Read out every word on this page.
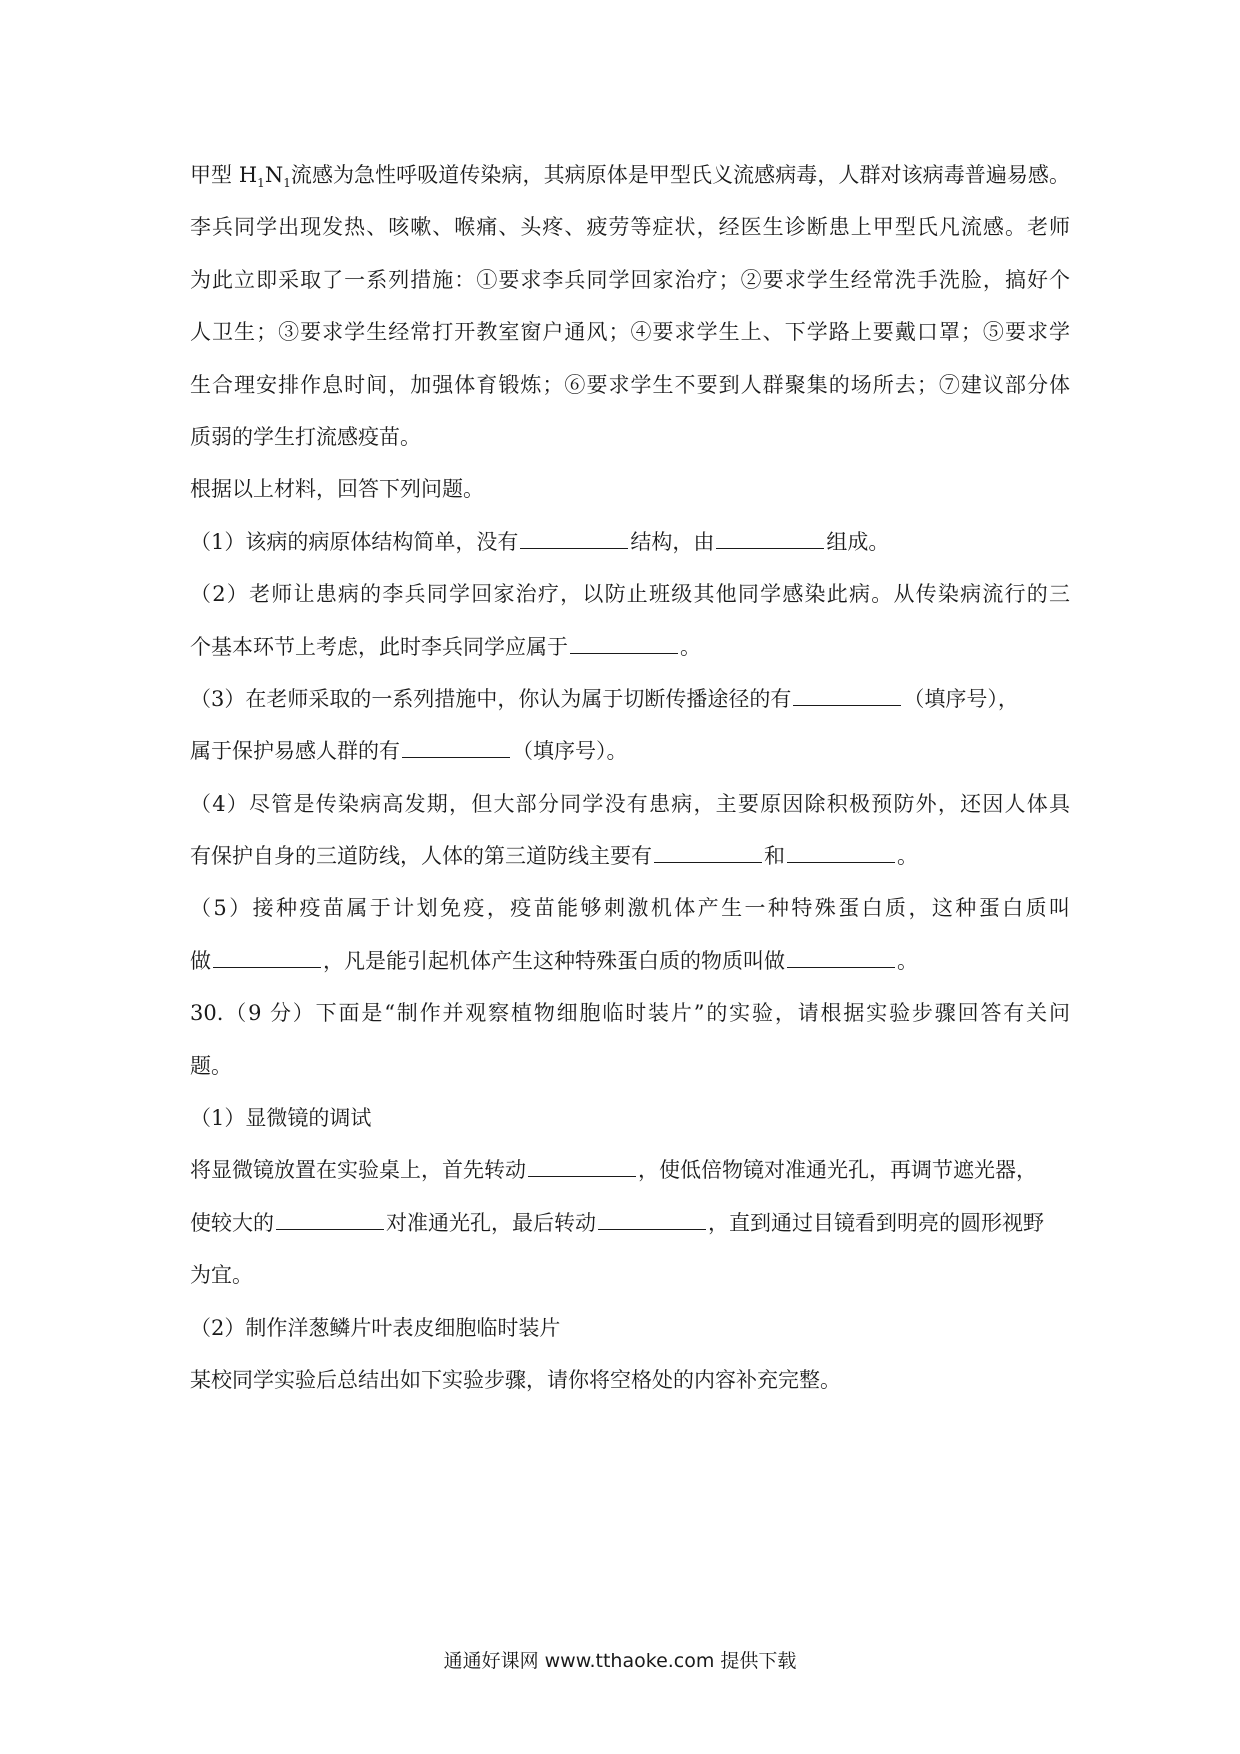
甲型 $H_1N_1$流感为急性呼吸道传染病，其病原体是甲型氏义流感病毒，人群对该病毒普遍易感。
李兵同学出现发热、咳嗽、喉痛、头疼、疲劳等症状，经医生诊断患上甲型氏凡流感。老师
为此立即采取了一系列措施：①要求李兵同学回家治疗；②要求学生经常洗手洗脸，搞好个
人卫生；③要求学生经常打开教室窗户通风；④要求学生上、下学路上要戴口罩；⑤要求学
生合理安排作息时间，加强体育锻炼；⑥要求学生不要到人群聚集的场所去；⑦建议部分体
质弱的学生打流感疫苗。
根据以上材料，回答下列问题。
（1）该病的病原体结构简单，没有	结构，由	组成。
（2）老师让患病的李兵同学回家治疗，以防止班级其他同学感染此病。从传染病流行的三
个基本环节上考虑，此时李兵同学应属于	。
（3）在老师采取的一系列措施中，你认为属于切断传播途径的有	（填序号），
属于保护易感人群的有	（填序号）。
（4）尽管是传染病高发期，但大部分同学没有患病，主要原因除积极预防外，还因人体具
有保护自身的三道防线，人体的第三道防线主要有	和	。
（5）接种疫苗属于计划免疫，疫苗能够刺激机体产生一种特殊蛋白质，这种蛋白质叫
做	，凡是能引起机体产生这种特殊蛋白质的物质叫做	。
30.（9 分）下面是“制作并观察植物细胞临时装片”的实验，请根据实验步骤回答有关问
题。
（1）显微镜的调试
将显微镜放置在实验桌上，首先转动	，使低倍物镜对准通光孔，再调节遮光器，
使较大的	对准通光孔，最后转动	，直到通过目镜看到明亮的圆形视野
为宜。
（2）制作洋葱鳞片叶表皮细胞临时装片
某校同学实验后总结出如下实验步骤，请你将空格处的内容补充完整。
通通好课网 www.tthaoke.com 提供下载
